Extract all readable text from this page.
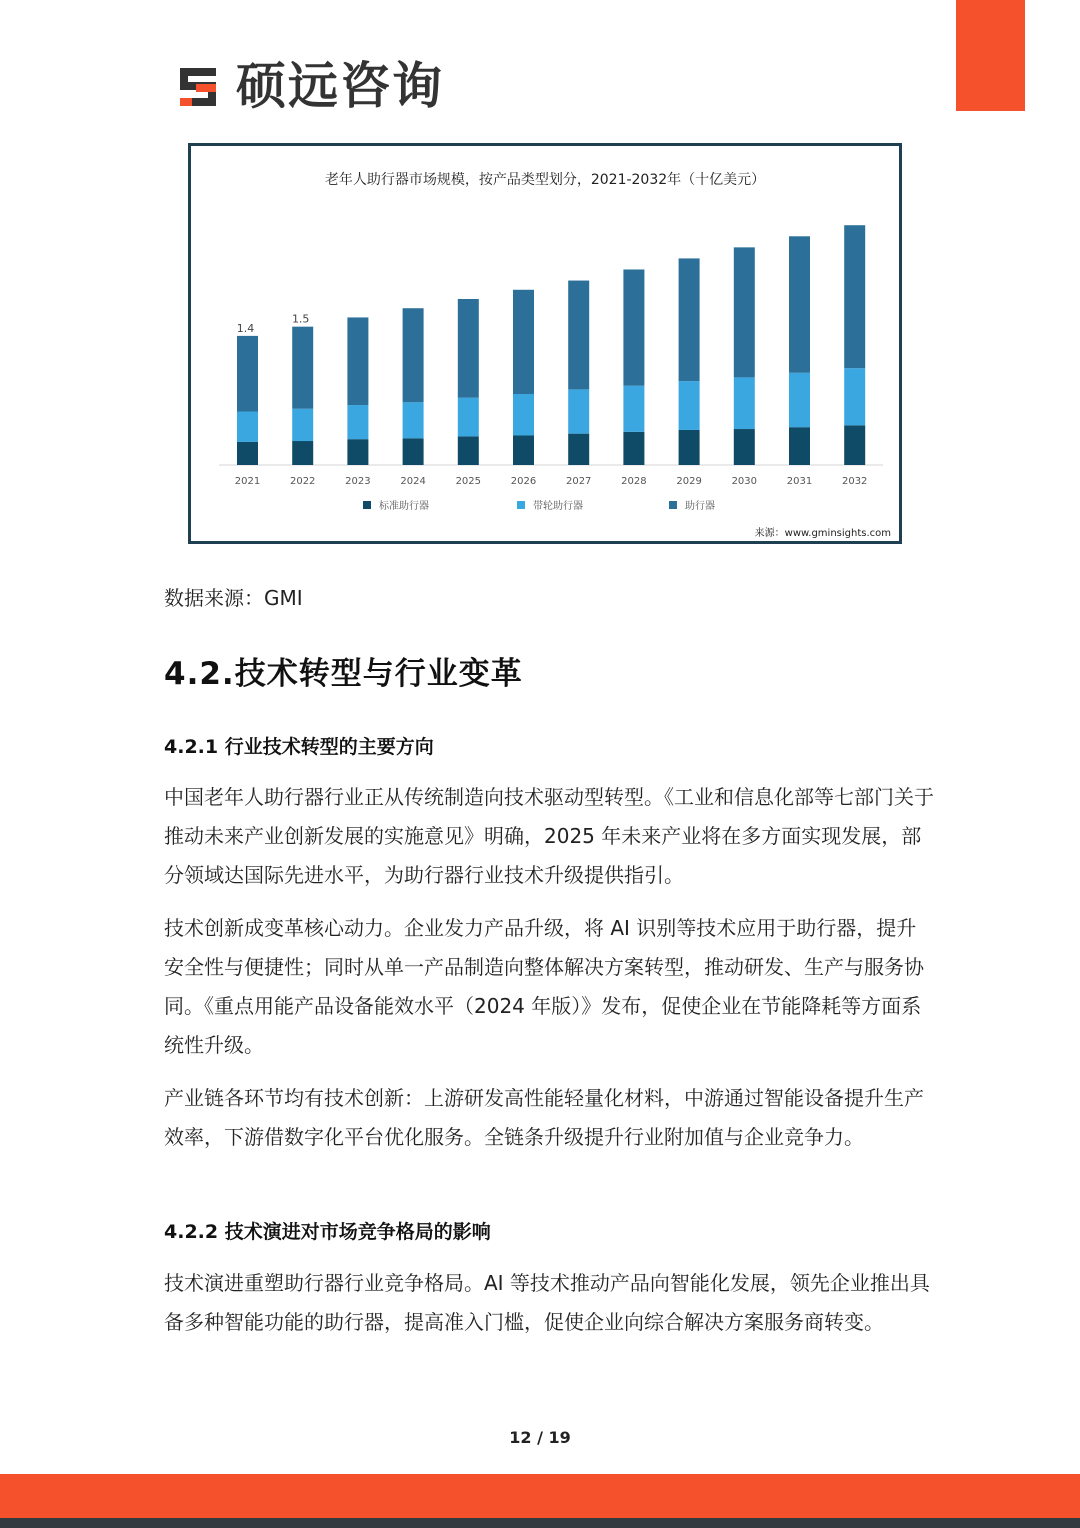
硕远咨询
老年人助行器市场规模，按产品类型划分，2021-2032年（十亿美元）
2021
1.4
2022
1.5
2023	2024	2025	2026	2027	2028	2029	2030	2031	2032
标准助行器	带轮助行器	助行器
来源：www.gminsights.com
数据来源：GMI
4.2.技术转型与行业变革
4.2.1 行业技术转型的主要方向

中国老年人助行器行业正从传统制造向技术驱动型转型。《工业和信息化部等七部门关于推动未来产业创新发展的实施意见》明确，2025 年未来产业将在多方面实现发展，部分领域达国际先进水平，为助行器行业技术升级提供指引。

技术创新成变革核心动力。企业发力产品升级，将 AI 识别等技术应用于助行器，提升安全性与便捷性；同时从单一产品制造向整体解决方案转型，推动研发、生产与服务协同。《重点用能产品设备能效水平（2024 年版）》发布，促使企业在节能降耗等方面系统性升级。

产业链各环节均有技术创新：上游研发高性能轻量化材料，中游通过智能设备提升生产效率，下游借数字化平台优化服务。全链条升级提升行业附加值与企业竞争力。

4.2.2 技术演进对市场竞争格局的影响

技术演进重塑助行器行业竞争格局。AI 等技术推动产品向智能化发展，领先企业推出具备多种智能功能的助行器，提高准入门槛，促使企业向综合解决方案服务商转变。

12 / 19
